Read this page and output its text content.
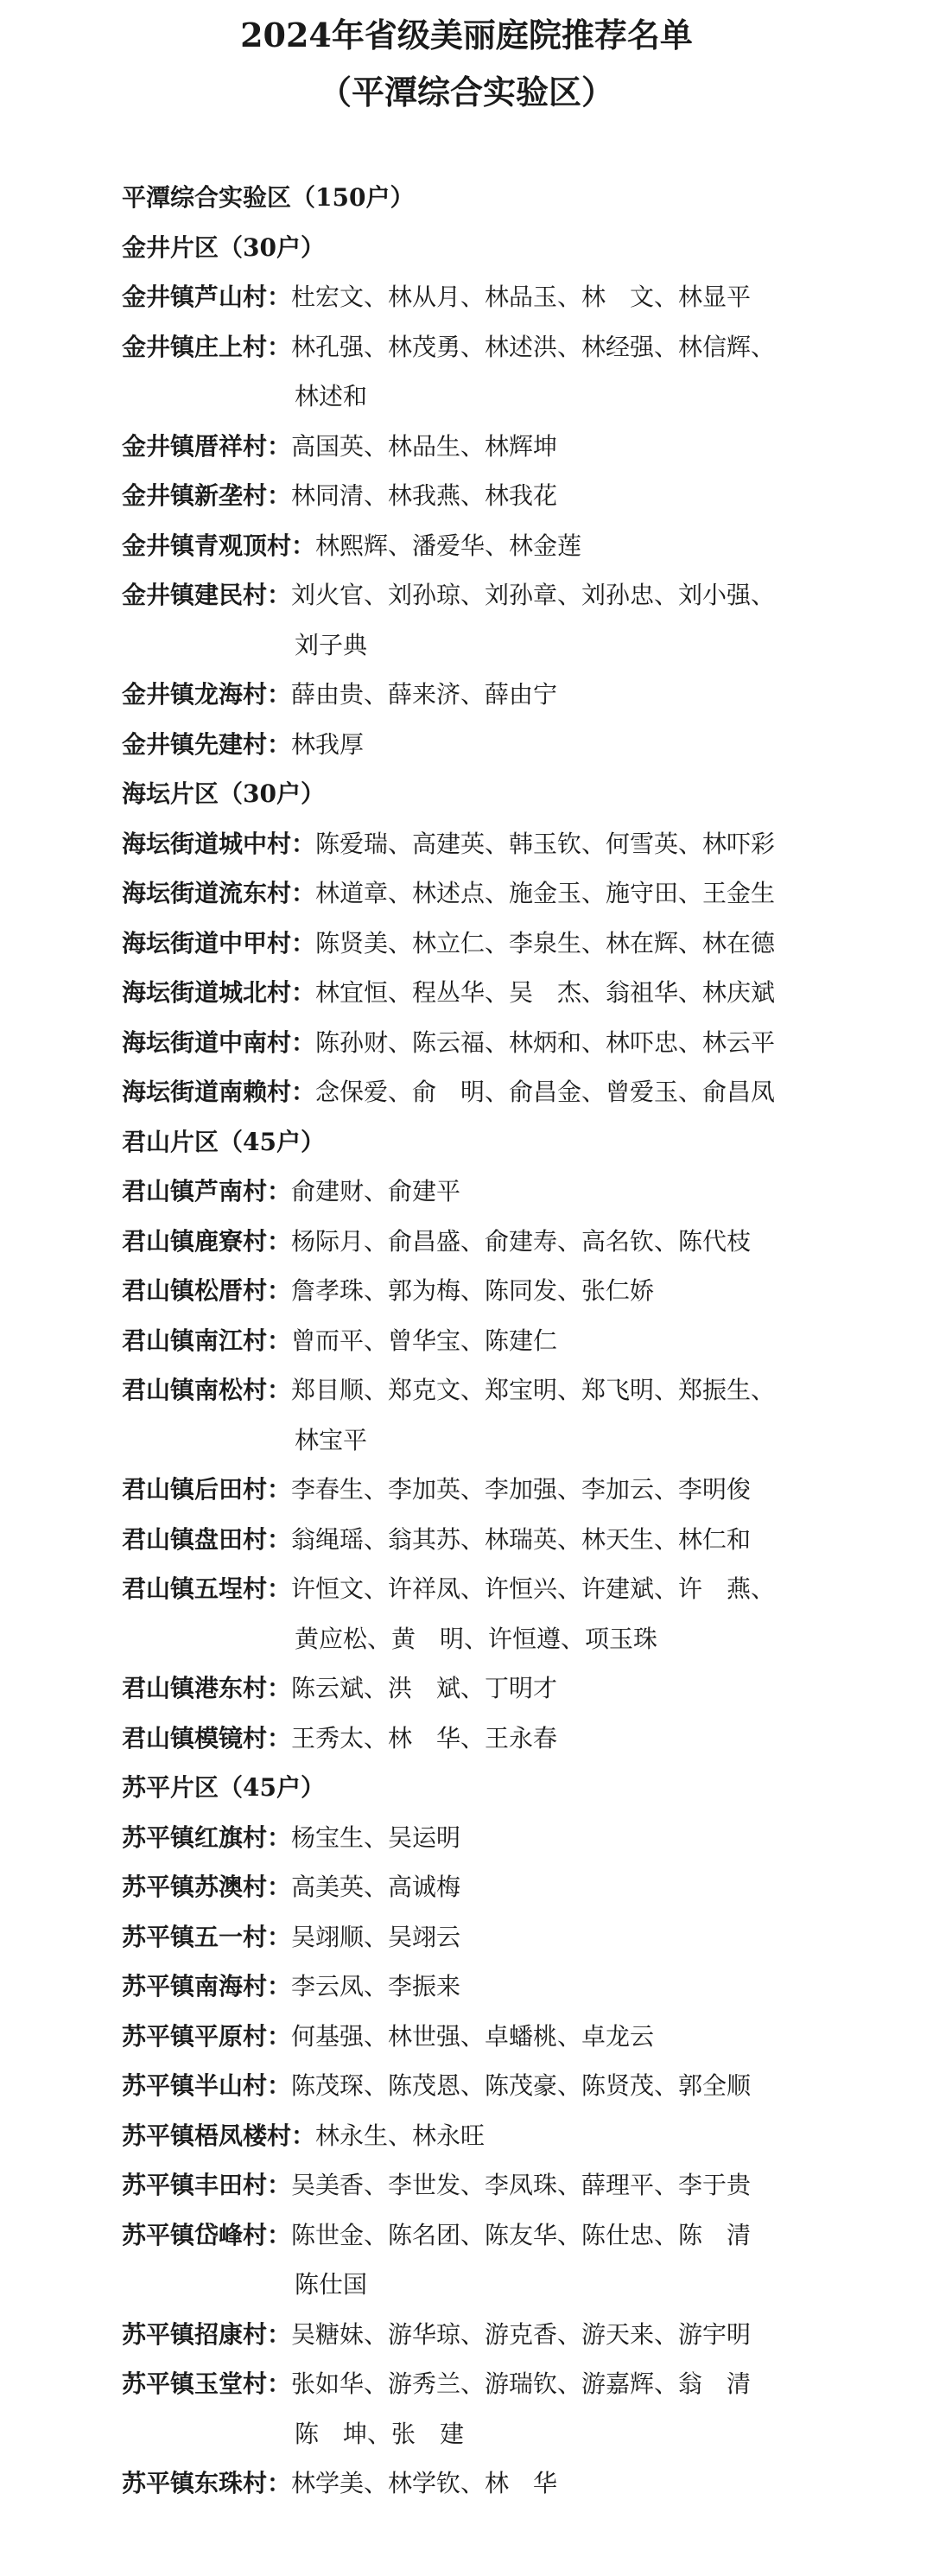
2024年省级美丽庭院推荐名单
（平潭综合实验区）
平潭综合实验区（150户）
金井片区（30户）
金井镇芦山村： 杜宏文、林从月、林品玉、林　文、林显平
金井镇庄上村： 林孔强、林茂勇、林述洪、林经强、林信辉、
林述和
金井镇厝祥村： 高国英、林品生、林辉坤
金井镇新垄村： 林同清、林我燕、林我花
金井镇青观顶村： 林熙辉、潘爱华、林金莲
金井镇建民村： 刘火官、刘孙琼、刘孙章、刘孙忠、刘小强、
刘子典
金井镇龙海村： 薛由贵、薛来济、薛由宁
金井镇先建村： 林我厚
海坛片区（30户）
海坛街道城中村： 陈爱瑞、高建英、韩玉钦、何雪英、林吓彩
海坛街道流东村： 林道章、林述点、施金玉、施守田、王金生
海坛街道中甲村： 陈贤美、林立仁、李泉生、林在辉、林在德
海坛街道城北村： 林宜恒、程丛华、吴　杰、翁祖华、林庆斌
海坛街道中南村： 陈孙财、陈云福、林炳和、林吓忠、林云平
海坛街道南赖村： 念保爱、俞　明、俞昌金、曾爱玉、俞昌凤
君山片区（45户）
君山镇芦南村： 俞建财、俞建平
君山镇鹿寮村： 杨际月、俞昌盛、俞建寿、高名钦、陈代枝
君山镇松厝村： 詹孝珠、郭为梅、陈同发、张仁娇
君山镇南江村： 曾而平、曾华宝、陈建仁
君山镇南松村： 郑目顺、郑克文、郑宝明、郑飞明、郑振生、
林宝平
君山镇后田村： 李春生、李加英、李加强、李加云、李明俊
君山镇盘田村： 翁绳瑶、翁其苏、林瑞英、林天生、林仁和
君山镇五埕村： 许恒文、许祥凤、许恒兴、许建斌、许　燕、
黄应松、黄　明、许恒遵、项玉珠
君山镇港东村： 陈云斌、洪　斌、丁明才
君山镇模镜村： 王秀太、林　华、王永春
苏平片区（45户）
苏平镇红旗村： 杨宝生、吴运明
苏平镇苏澳村： 高美英、高诚梅
苏平镇五一村： 吴翊顺、吴翊云
苏平镇南海村： 李云凤、李振来
苏平镇平原村： 何基强、林世强、卓蟠桃、卓龙云
苏平镇半山村： 陈茂琛、陈茂恩、陈茂豪、陈贤茂、郭全顺
苏平镇梧凤楼村： 林永生、林永旺
苏平镇丰田村： 吴美香、李世发、李凤珠、薛理平、李于贵
苏平镇岱峰村： 陈世金、陈名团、陈友华、陈仕忠、陈　清
陈仕国
苏平镇招康村： 吴糖妹、游华琼、游克香、游天来、游宇明
苏平镇玉堂村： 张如华、游秀兰、游瑞钦、游嘉辉、翁　清
陈　坤、张　建
苏平镇东珠村： 林学美、林学钦、林　华
